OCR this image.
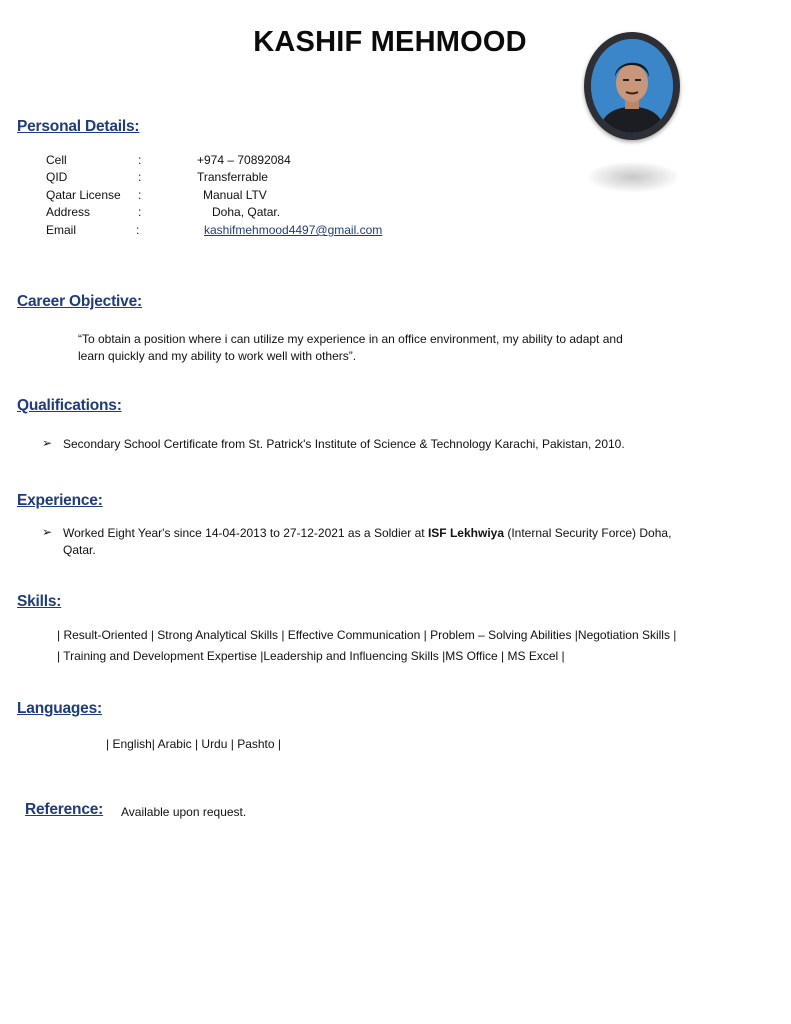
KASHIF MEHMOOD
Personal Details:
Cell	:	+974 – 70892084
QID	:	Transferrable
Qatar License :	Manual LTV
Address	:	Doha, Qatar.
Email	:	kashifmehmood4497@gmail.com
Career Objective:
“To obtain a position where i can utilize my experience in an office environment, my ability to adapt and
learn quickly and my ability to work well with others”.
Qualifications:
➢ Secondary School Certificate from St. Patrick's Institute of Science & Technology Karachi, Pakistan, 2010.
Experience:
➢ Worked Eight Year's since 14-04-2013 to 27-12-2021 as a Soldier at ISF Lekhwiya (Internal Security Force) Doha,
Qatar.
Skills:
| Result-Oriented | Strong Analytical Skills | Effective Communication | Problem – Solving Abilities |Negotiation Skills |
| Training and Development Expertise |Leadership and Influencing Skills |MS Office | MS Excel |
Languages:
| English| Arabic | Urdu | Pashto |
Reference: Available upon request.
